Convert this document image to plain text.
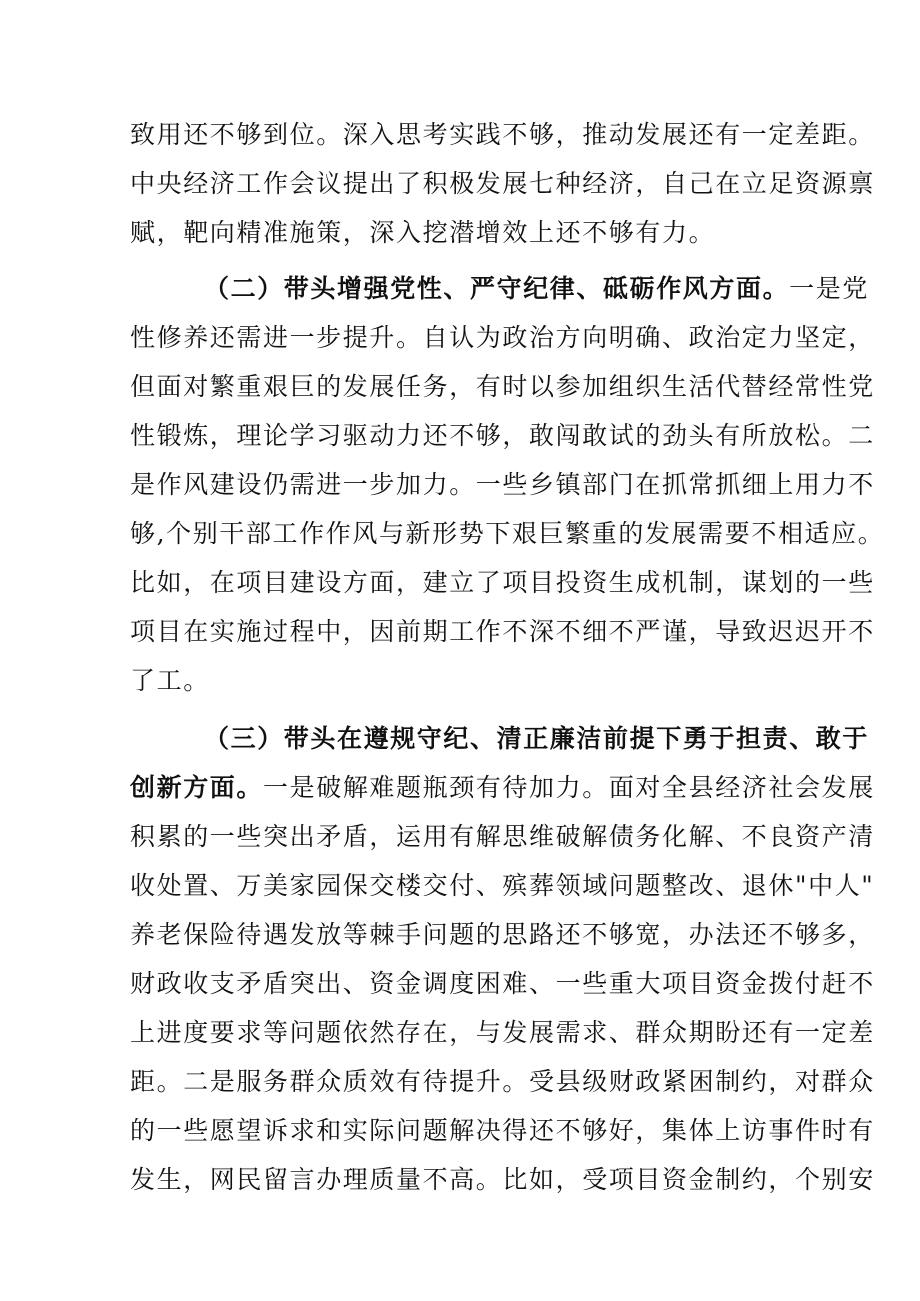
致用还不够到位。深入思考实践不够，推动发展还有一定差距。
中央经济工作会议提出了积极发展七种经济，自己在立足资源禀
赋，靶向精准施策，深入挖潜增效上还不够有力。
（二）带头增强党性、严守纪律、砥砺作风方面。一是党
性修养还需进一步提升。自认为政治方向明确、政治定力坚定，
但面对繁重艰巨的发展任务，有时以参加组织生活代替经常性党
性锻炼，理论学习驱动力还不够，敢闯敢试的劲头有所放松。二
是作风建设仍需进一步加力。一些乡镇部门在抓常抓细上用力不
够,个别干部工作作风与新形势下艰巨繁重的发展需要不相适应。
比如，在项目建设方面，建立了项目投资生成机制，谋划的一些
项目在实施过程中，因前期工作不深不细不严谨，导致迟迟开不
了工。
（三）带头在遵规守纪、清正廉洁前提下勇于担责、敢于
创新方面。一是破解难题瓶颈有待加力。面对全县经济社会发展
积累的一些突出矛盾，运用有解思维破解债务化解、不良资产清
收处置、万美家园保交楼交付、殡葬领域问题整改、退休"中人"
养老保险待遇发放等棘手问题的思路还不够宽，办法还不够多，
财政收支矛盾突出、资金调度困难、一些重大项目资金拨付赶不
上进度要求等问题依然存在，与发展需求、群众期盼还有一定差
距。二是服务群众质效有待提升。受县级财政紧困制约，对群众
的一些愿望诉求和实际问题解决得还不够好，集体上访事件时有
发生，网民留言办理质量不高。比如，受项目资金制约，个别安
